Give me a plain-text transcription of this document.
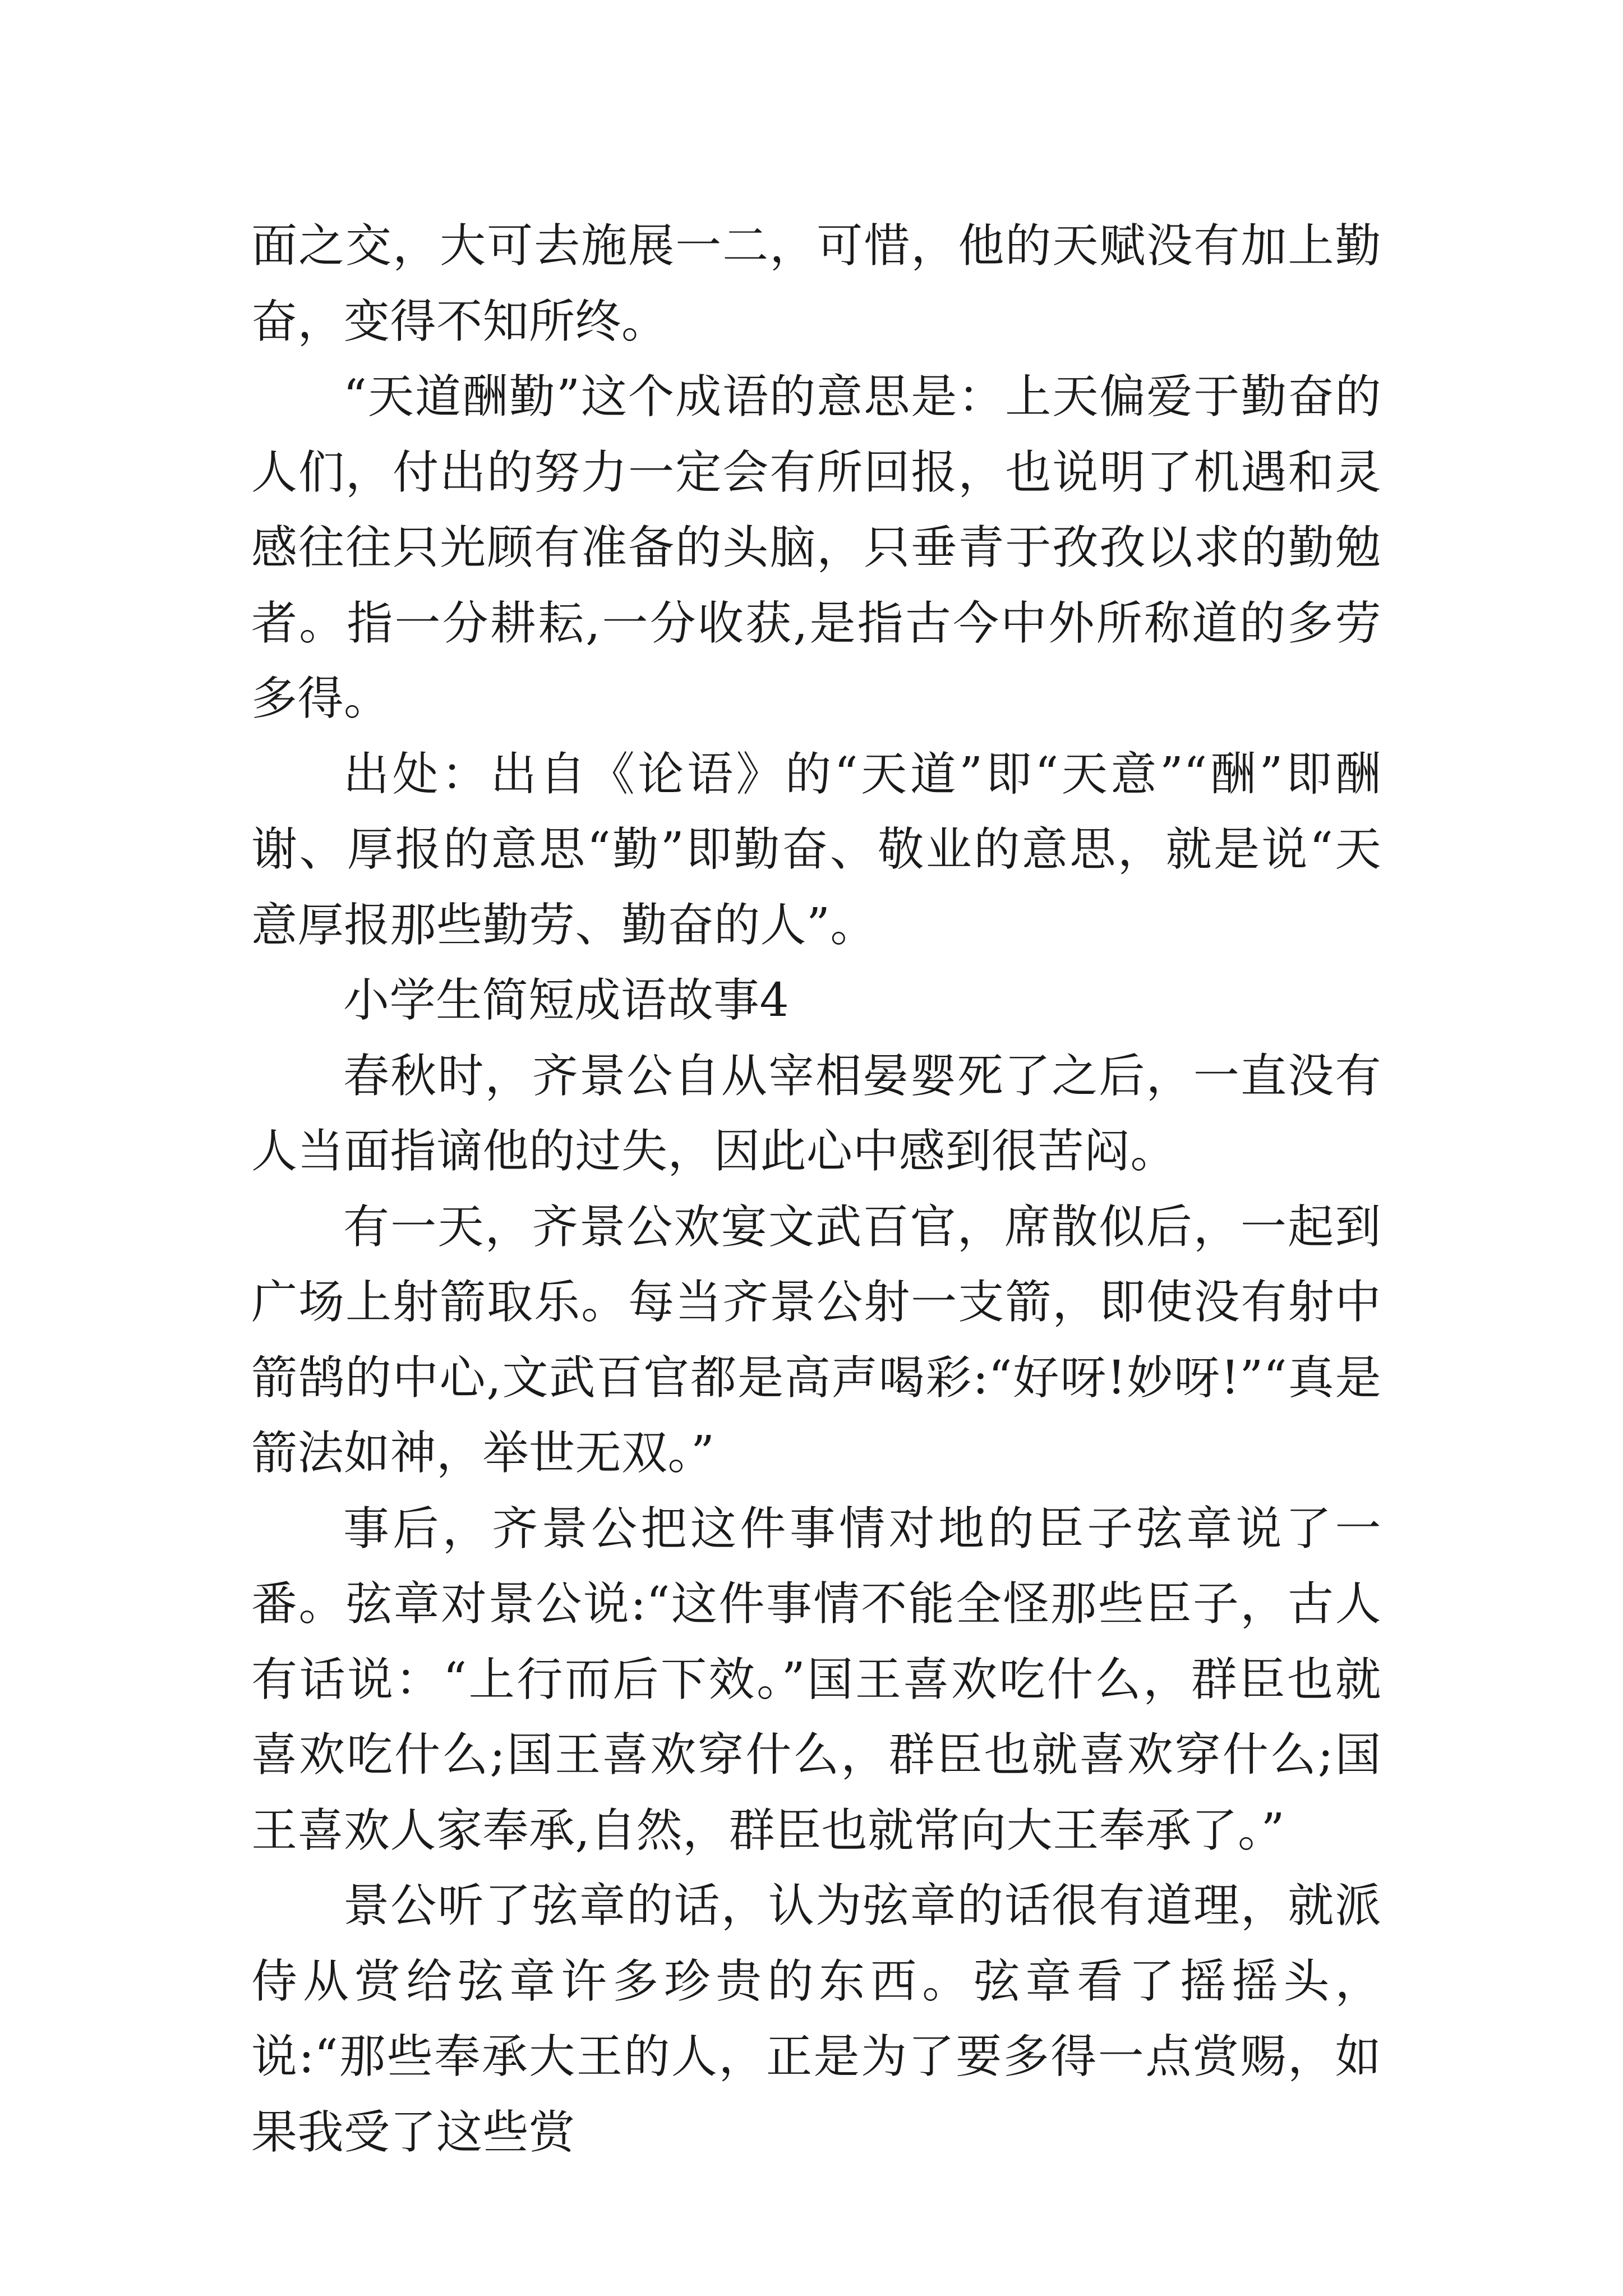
面之交，大可去施展一二，可惜，他的天赋没有加上勤奋，变得不知所终。

“天道酬勤”这个成语的意思是：上天偏爱于勤奋的人们，付出的努力一定会有所回报，也说明了机遇和灵感往往只光顾有准备的头脑，只垂青于孜孜以求的勤勉者。指一分耕耘,一分收获,是指古今中外所称道的多劳多得。

出处：出自《论语》的“天道”即“天意”“酬”即酬谢、厚报的意思“勤”即勤奋、敬业的意思，就是说“天意厚报那些勤劳、勤奋的人”。

小学生简短成语故事4

春秋时，齐景公自从宰相晏婴死了之后，一直没有人当面指谪他的过失，因此心中感到很苦闷。

有一天，齐景公欢宴文武百官，席散似后，一起到广场上射箭取乐。每当齐景公射一支箭，即使没有射中箭鹄的中心,文武百官都是高声喝彩:“好呀!妙呀!”“真是箭法如神，举世无双。”

事后，齐景公把这件事情对地的臣子弦章说了一番。弦章对景公说:“这件事情不能全怪那些臣子，古人有话说：“上行而后下效。”国王喜欢吃什么，群臣也就喜欢吃什么;国王喜欢穿什么，群臣也就喜欢穿什么;国王喜欢人家奉承,自然，群臣也就常向大王奉承了。”

景公听了弦章的话，认为弦章的话很有道理，就派侍从赏给弦章许多珍贵的东西。弦章看了摇摇头，说:“那些奉承大王的人，正是为了要多得一点赏赐，如果我受了这些赏
